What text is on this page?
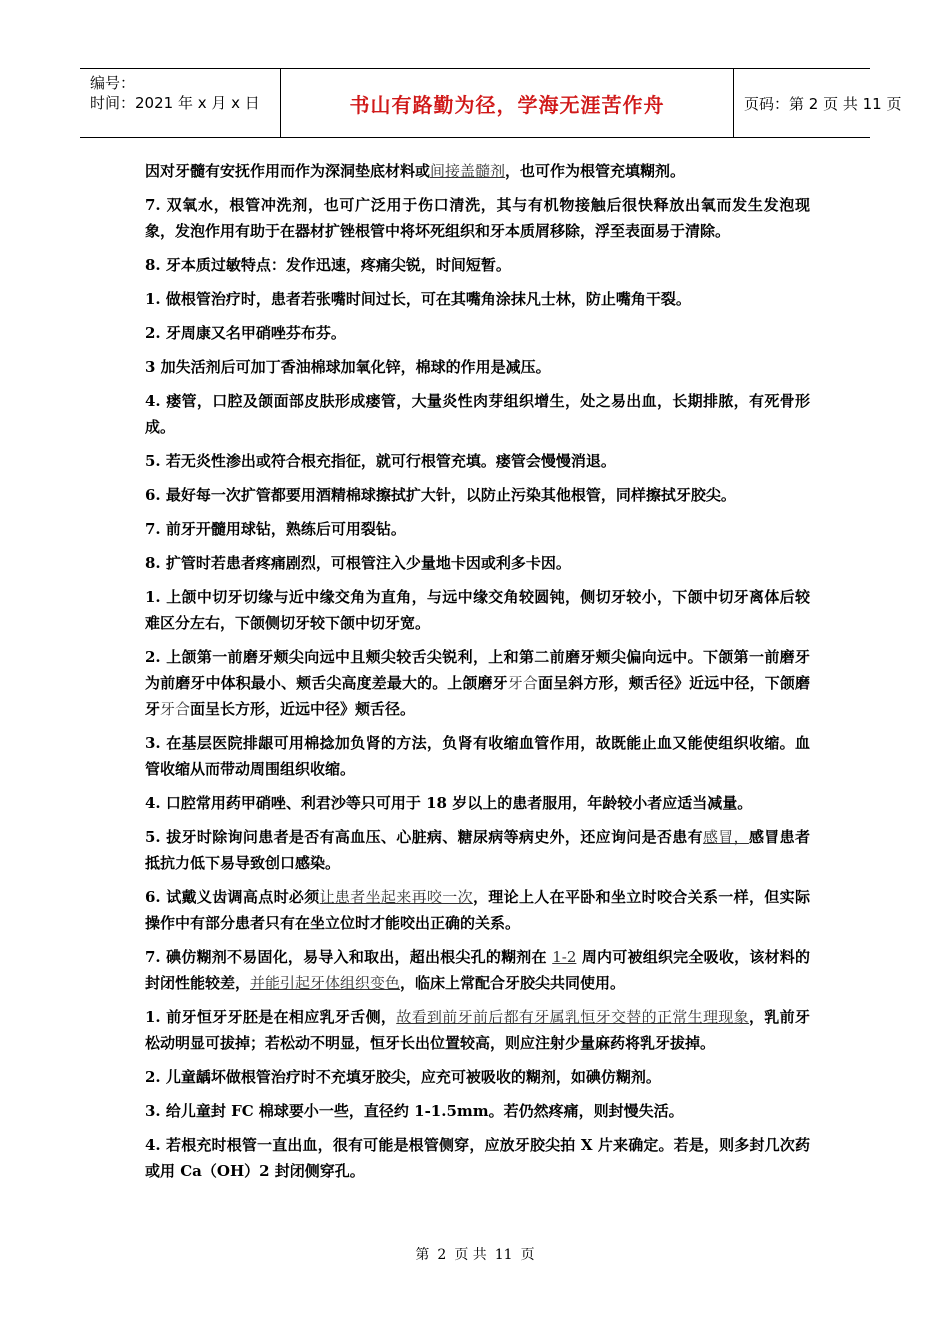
编号：
时间：2021 年 x 月 x 日	书山有路勤为径，学海无涯苦作舟	页码：第 2 页 共 11 页

因对牙髓有安抚作用而作为深洞垫底材料或间接盖髓剂，也可作为根管充填糊剂。

7. 双氧水，根管冲洗剂，也可广泛用于伤口清洗，其与有机物接触后很快释放出氧而发生发泡现象，发泡作用有助于在器材扩锉根管中将坏死组织和牙本质屑移除，浮至表面易于清除。

8. 牙本质过敏特点：发作迅速，疼痛尖锐，时间短暂。

1. 做根管治疗时，患者若张嘴时间过长，可在其嘴角涂抹凡士林，防止嘴角干裂。

2. 牙周康又名甲硝唑芬布芬。

3 加失活剂后可加丁香油棉球加氧化锌，棉球的作用是减压。

4. 瘘管，口腔及颌面部皮肤形成瘘管，大量炎性肉芽组织增生，处之易出血，长期排脓，有死骨形成。

5. 若无炎性渗出或符合根充指征，就可行根管充填。瘘管会慢慢消退。

6. 最好每一次扩管都要用酒精棉球擦拭扩大针，以防止污染其他根管，同样擦拭牙胶尖。

7. 前牙开髓用球钻，熟练后可用裂钻。

8. 扩管时若患者疼痛剧烈，可根管注入少量地卡因或利多卡因。

1. 上颌中切牙切缘与近中缘交角为直角，与远中缘交角较圆钝，侧切牙较小，下颌中切牙离体后较难区分左右，下颌侧切牙较下颌中切牙宽。

2. 上颌第一前磨牙颊尖向远中且颊尖较舌尖锐利，上和第二前磨牙颊尖偏向远中。下颌第一前磨牙为前磨牙中体积最小、颊舌尖高度差最大的。上颌磨牙牙合面呈斜方形，颊舌径》近远中径，下颌磨牙牙合面呈长方形，近远中径》颊舌径。

3. 在基层医院排龈可用棉捻加负肾的方法，负肾有收缩血管作用，故既能止血又能使组织收缩。血管收缩从而带动周围组织收缩。

4. 口腔常用药甲硝唑、利君沙等只可用于 18 岁以上的患者服用，年龄较小者应适当减量。

5. 拔牙时除询问患者是否有高血压、心脏病、糖尿病等病史外，还应询问是否患有感冒，感冒患者抵抗力低下易导致创口感染。

6. 试戴义齿调高点时必须让患者坐起来再咬一次，理论上人在平卧和坐立时咬合关系一样，但实际操作中有部分患者只有在坐立位时才能咬出正确的关系。

7. 碘仿糊剂不易固化，易导入和取出，超出根尖孔的糊剂在 1-2 周内可被组织完全吸收，该材料的封闭性能较差，并能引起牙体组织变色，临床上常配合牙胶尖共同使用。

1. 前牙恒牙牙胚是在相应乳牙舌侧，故看到前牙前后都有牙属乳恒牙交替的正常生理现象，乳前牙松动明显可拔掉；若松动不明显，恒牙长出位置较高，则应注射少量麻药将乳牙拔掉。

2. 儿童龋坏做根管治疗时不充填牙胶尖，应充可被吸收的糊剂，如碘仿糊剂。

3. 给儿童封 FC 棉球要小一些，直径约 1-1.5mm。若仍然疼痛，则封慢失活。

4. 若根充时根管一直出血，很有可能是根管侧穿，应放牙胶尖拍 X 片来确定。若是，则多封几次药或用 Ca（OH）2 封闭侧穿孔。

第 2 页 共 11 页
